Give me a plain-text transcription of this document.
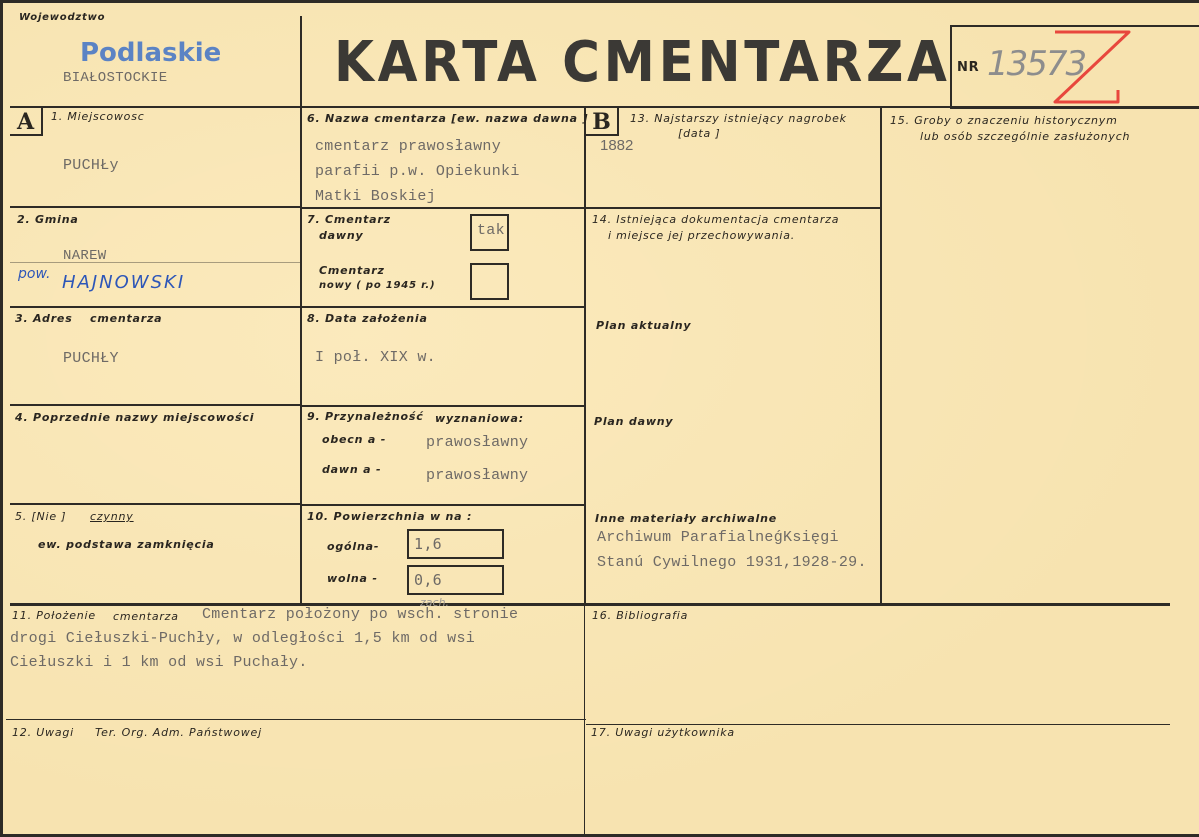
Wojewodztwo
Podlaskie
BIAŁOSTOCKIE	KARTA CMENTARZA NR 13573
A	1. Miejscowosc
PUCHŁy
2. Gmina
NAREW
pow. HAJNOWSKI
3. Adres cmentarza
PUCHŁY
4. Poprzednie nazwy miejscowości
5. [Nie ] czynny
ew. podstawa zamknięcia
6. Nazwa cmentarza [ew. nazwa dawna ]
cmentarz prawosławny
parafii p.w. Opiekunki
Matki Boskiej
7. Cmentarz
dawny	tak
Cmentarz
nowy ( po 1945 r.)
8. Data założenia
I poł. XIX w.
9. Przynależność wyznaniowa:
obecn a -	prawosławny
dawn a -	prawosławny
10. Powierzchnia w na :
ogólna- 1,6
wolna - 0,6
B	13. Najstarszy istniejący nagrobek
[data ]
1882
14. Istniejąca dokumentacja cmentarza
i miejsce jej przechowywania.
Plan aktualny
Plan dawny
Inne materiały archiwalne
Archiwum ParafialneǵKsięgi
Stanú Cywilnego 1931,1928-29.
15. Groby o znaczeniu historycznym
lub osób szczególnie zasłużonych
11. Położenie cmentarza Cmentarz położony po wsch. stronie
zach.
drogi Ciełuszki-Puchły, w odległości 1,5 km od wsi
Ciełuszki i 1 km od wsi Puchały.
16. Bibliografia
12. Uwagi Ter. Org. Adm. Państwowej	17. Uwagi użytkownika
